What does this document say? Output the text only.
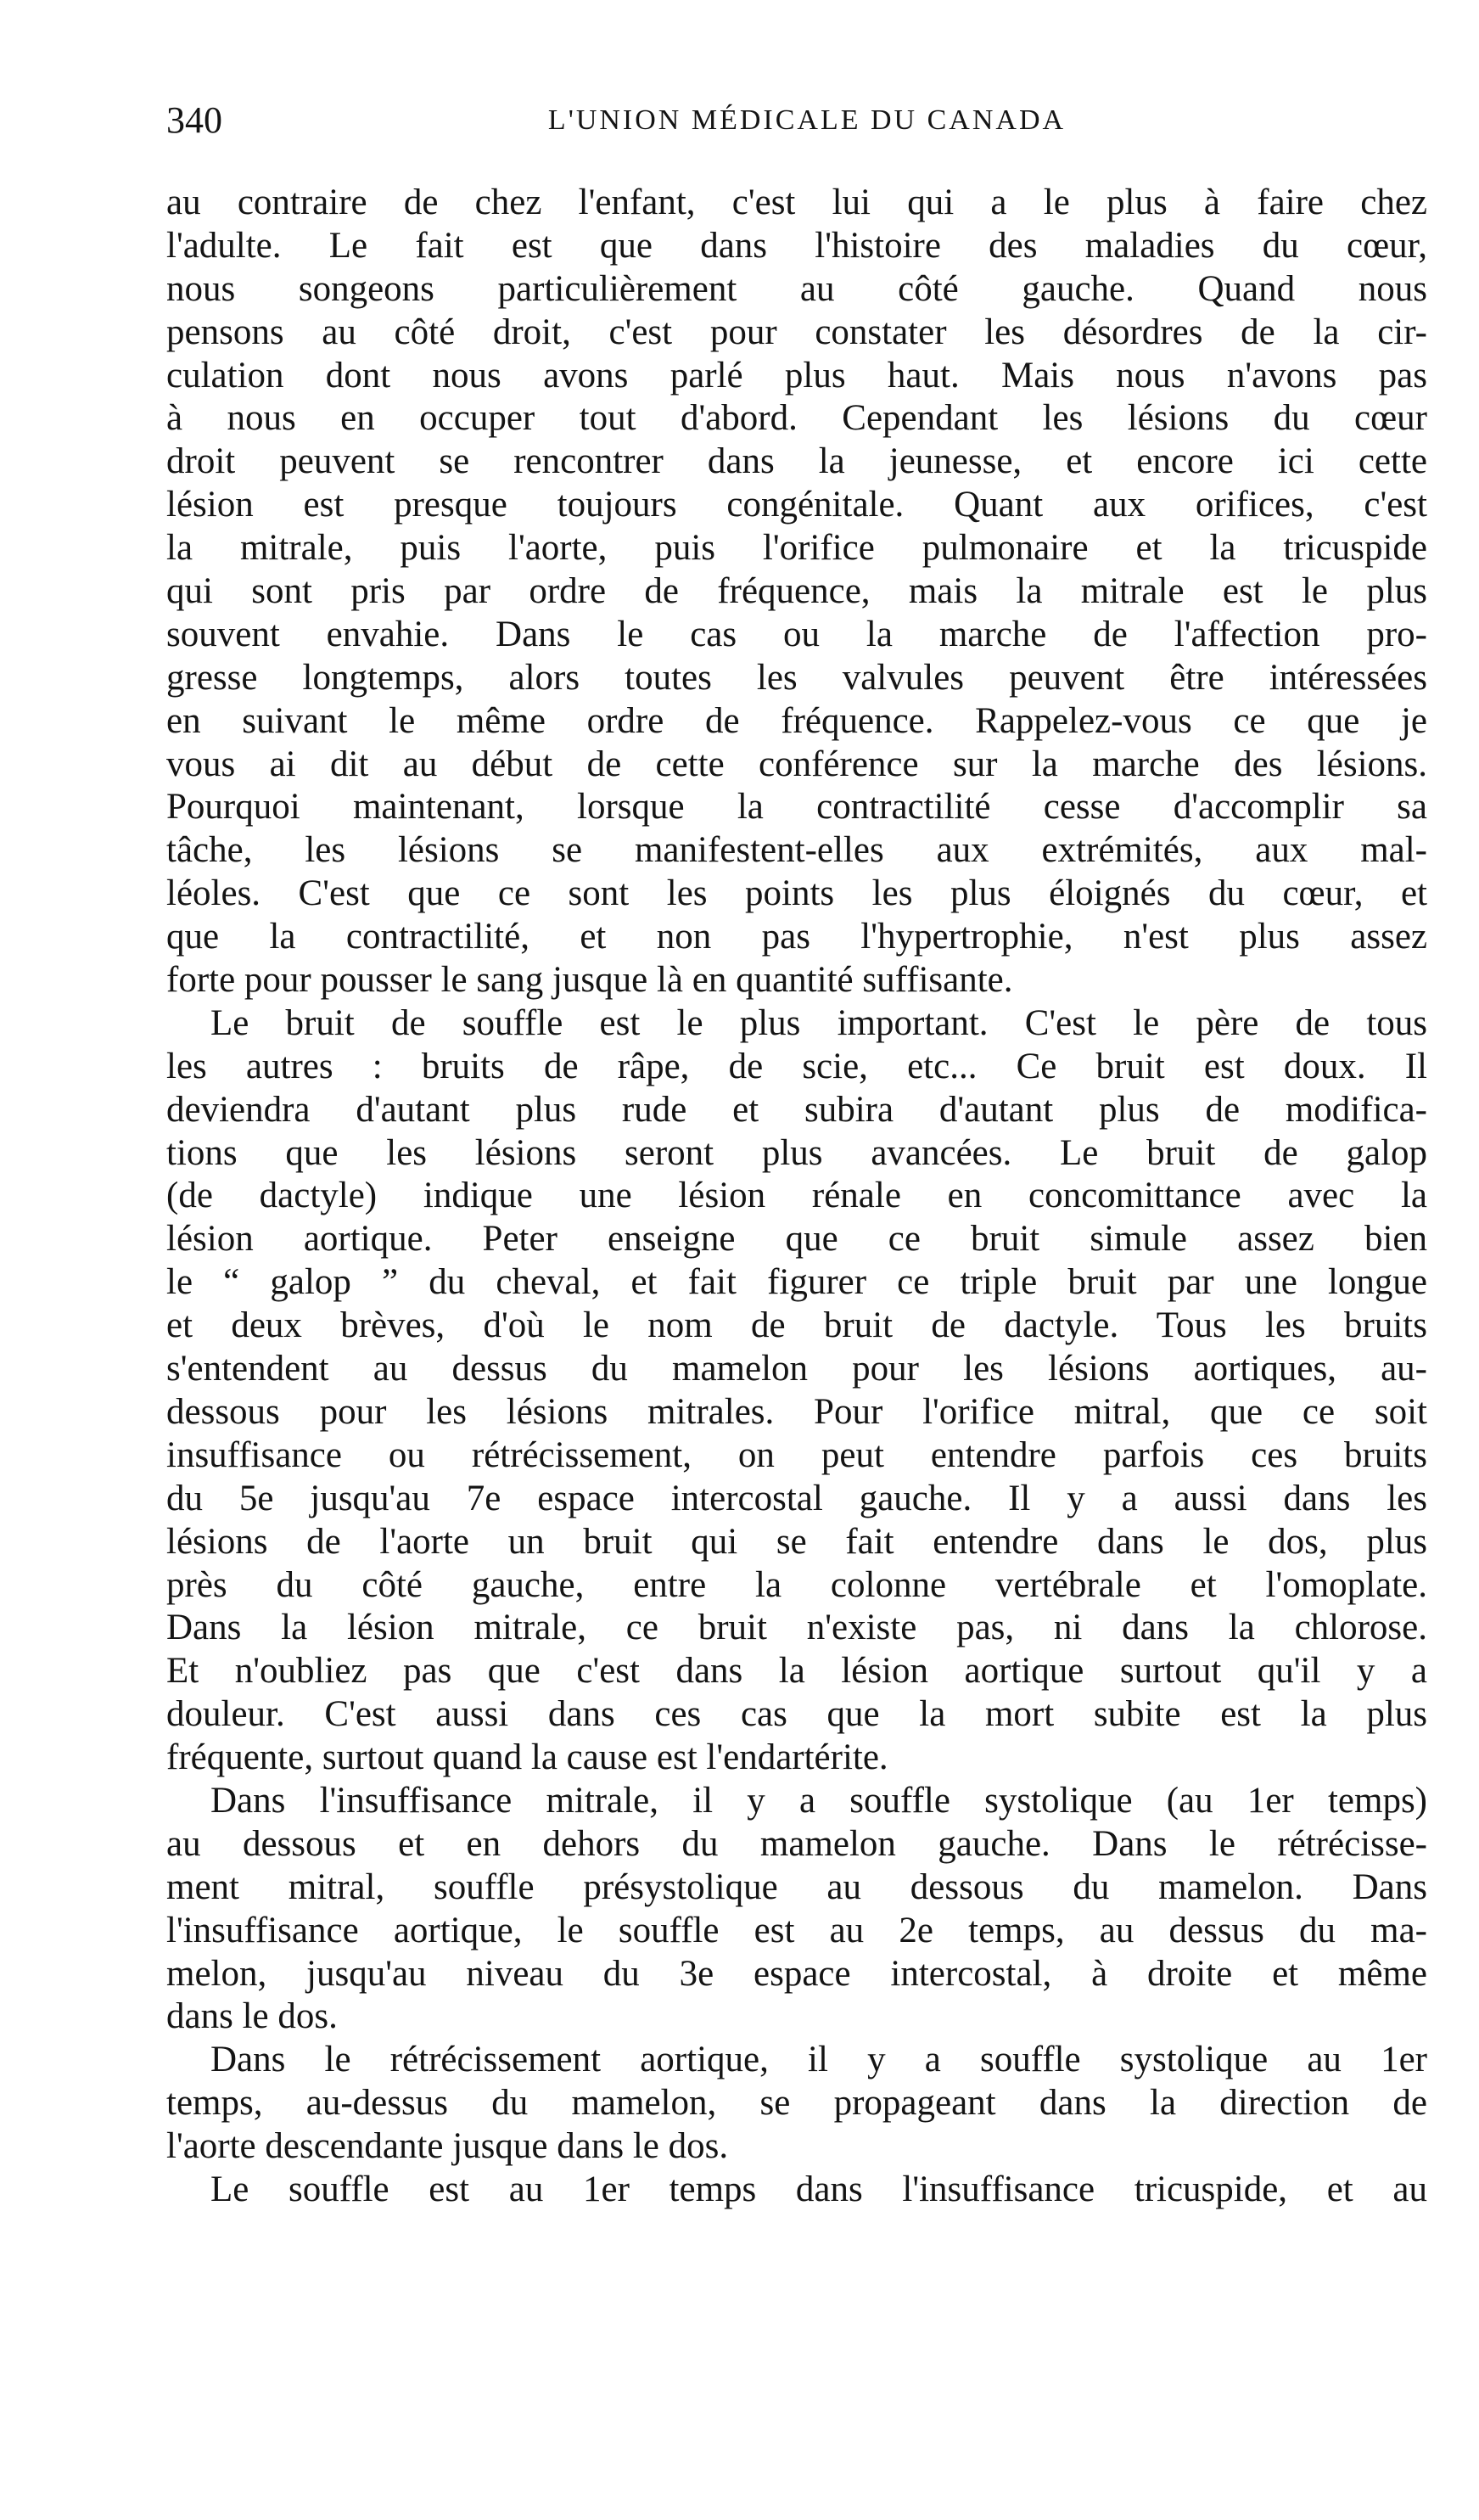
340	L'UNION MÉDICALE DU CANADA
au contraire de chez l'enfant, c'est lui qui a le plus à faire chez
l'adulte. Le fait est que dans l'histoire des maladies du cœur,
nous songeons particulièrement au côté gauche. Quand nous
pensons au côté droit, c'est pour constater les désordres de la cir-
culation dont nous avons parlé plus haut. Mais nous n'avons pas
à nous en occuper tout d'abord. Cependant les lésions du cœur
droit peuvent se rencontrer dans la jeunesse, et encore ici cette
lésion est presque toujours congénitale. Quant aux orifices, c'est
la mitrale, puis l'aorte, puis l'orifice pulmonaire et la tricuspide
qui sont pris par ordre de fréquence, mais la mitrale est le plus
souvent envahie. Dans le cas ou la marche de l'affection pro-
gresse longtemps, alors toutes les valvules peuvent être intéressées
en suivant le même ordre de fréquence. Rappelez-vous ce que je
vous ai dit au début de cette conférence sur la marche des lésions.
Pourquoi maintenant, lorsque la contractilité cesse d'accomplir sa
tâche, les lésions se manifestent-elles aux extrémités, aux mal-
léoles. C'est que ce sont les points les plus éloignés du cœur, et
que la contractilité, et non pas l'hypertrophie, n'est plus assez
forte pour pousser le sang jusque là en quantité suffisante.
Le bruit de souffle est le plus important. C'est le père de tous
les autres : bruits de râpe, de scie, etc... Ce bruit est doux. Il
deviendra d'autant plus rude et subira d'autant plus de modifica-
tions que les lésions seront plus avancées. Le bruit de galop
(de dactyle) indique une lésion rénale en concomittance avec la
lésion aortique. Peter enseigne que ce bruit simule assez bien
le “ galop ” du cheval, et fait figurer ce triple bruit par une longue
et deux brèves, d'où le nom de bruit de dactyle. Tous les bruits
s'entendent au dessus du mamelon pour les lésions aortiques, au-
dessous pour les lésions mitrales. Pour l'orifice mitral, que ce soit
insuffisance ou rétrécissement, on peut entendre parfois ces bruits
du 5e jusqu'au 7e espace intercostal gauche. Il y a aussi dans les
lésions de l'aorte un bruit qui se fait entendre dans le dos, plus
près du côté gauche, entre la colonne vertébrale et l'omoplate.
Dans la lésion mitrale, ce bruit n'existe pas, ni dans la chlorose.
Et n'oubliez pas que c'est dans la lésion aortique surtout qu'il y a
douleur. C'est aussi dans ces cas que la mort subite est la plus
fréquente, surtout quand la cause est l'endartérite.
Dans l'insuffisance mitrale, il y a souffle systolique (au 1er temps)
au dessous et en dehors du mamelon gauche. Dans le rétrécisse-
ment mitral, souffle présystolique au dessous du mamelon. Dans
l'insuffisance aortique, le souffle est au 2e temps, au dessus du ma-
melon, jusqu'au niveau du 3e espace intercostal, à droite et même
dans le dos.
Dans le rétrécissement aortique, il y a souffle systolique au 1er
temps, au-dessus du mamelon, se propageant dans la direction de
l'aorte descendante jusque dans le dos.
Le souffle est au 1er temps dans l'insuffisance tricuspide, et au
